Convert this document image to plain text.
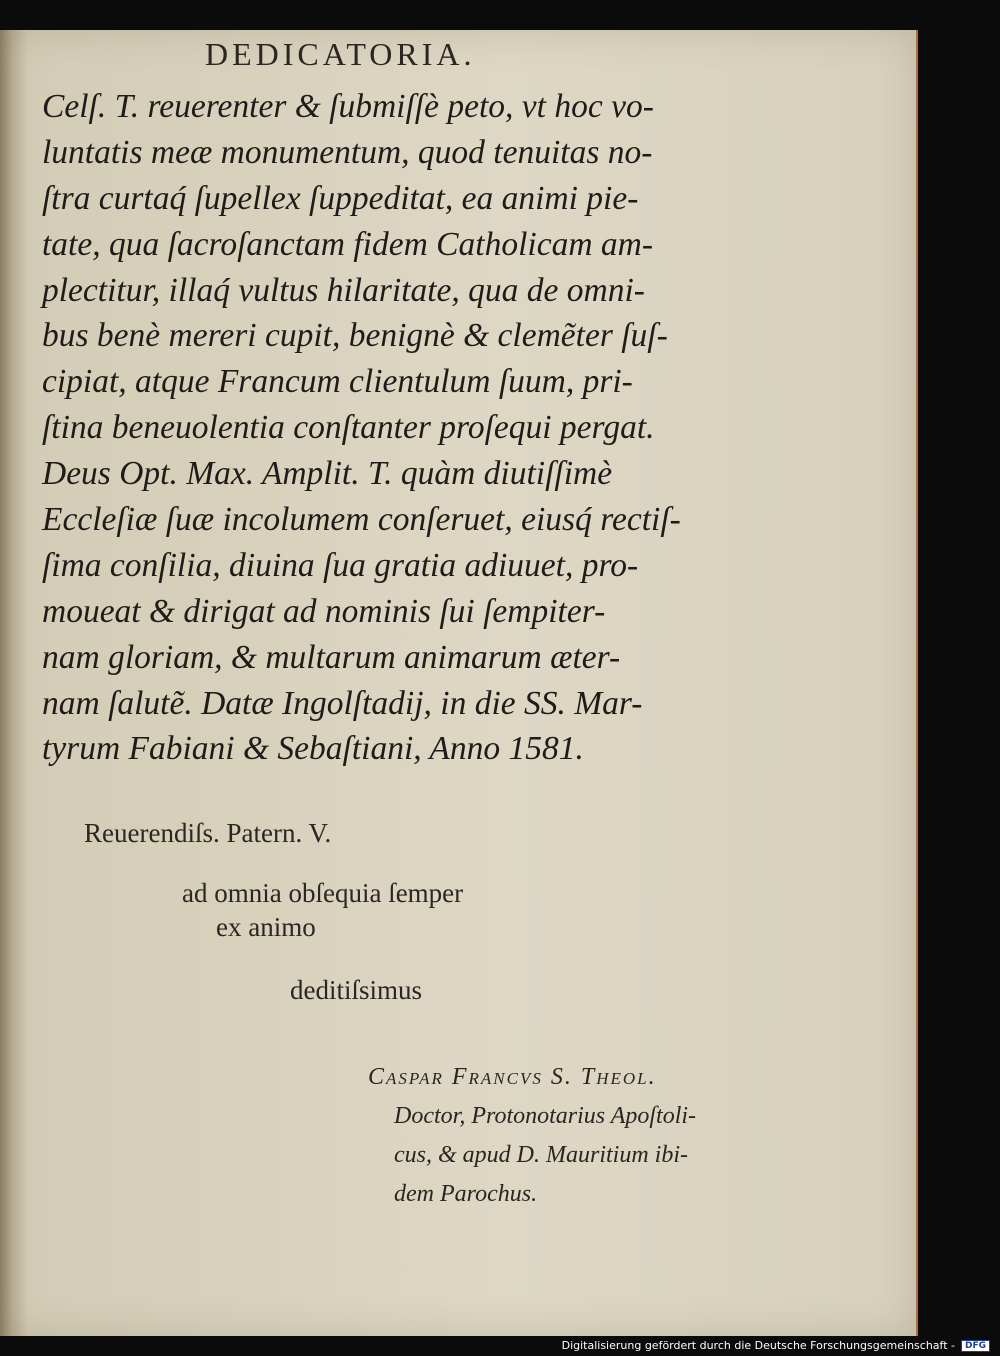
DEDICATORIA.
Celſ. T. reuerenter & ſubmiſſè peto, vt hoc vo-
luntatis meæ monumentum, quod tenuitas no-
ſtra curtaq́ ſupellex ſuppeditat, ea animi pie-
tate, qua ſacroſanctam fidem Catholicam am-
plectitur, illaq́ vultus hilaritate, qua de omni-
bus benè mereri cupit, benignè & clemẽter ſuſ-
cipiat, atque Francum clientulum ſuum, pri-
ſtina beneuolentia conſtanter proſequi pergat.
Deus Opt. Max. Amplit. T. quàm diutiſſimè
Eccleſiæ ſuæ incolumem conſeruet, eiusq́ rectiſ-
ſima conſilia, diuina ſua gratia adiuuet, pro-
moueat & dirigat ad nominis ſui ſempiter-
nam gloriam, & multarum animarum æter-
nam ſalutẽ. Datæ Ingolſtadij, in die SS. Mar-
tyrum Fabiani & Sebaſtiani, Anno 1581.
Reuerendiſs. Patern. V.
ad omnia obſequia ſemper
ex animo
deditiſsimus
Caspar Francvs S. Theol.
Doctor, Protonotarius Apoſtoli-
cus, & apud D. Mauritium ibi-
dem Parochus.
Digitalisierung gefördert durch die Deutsche Forschungsgemeinschaft -	DFG
